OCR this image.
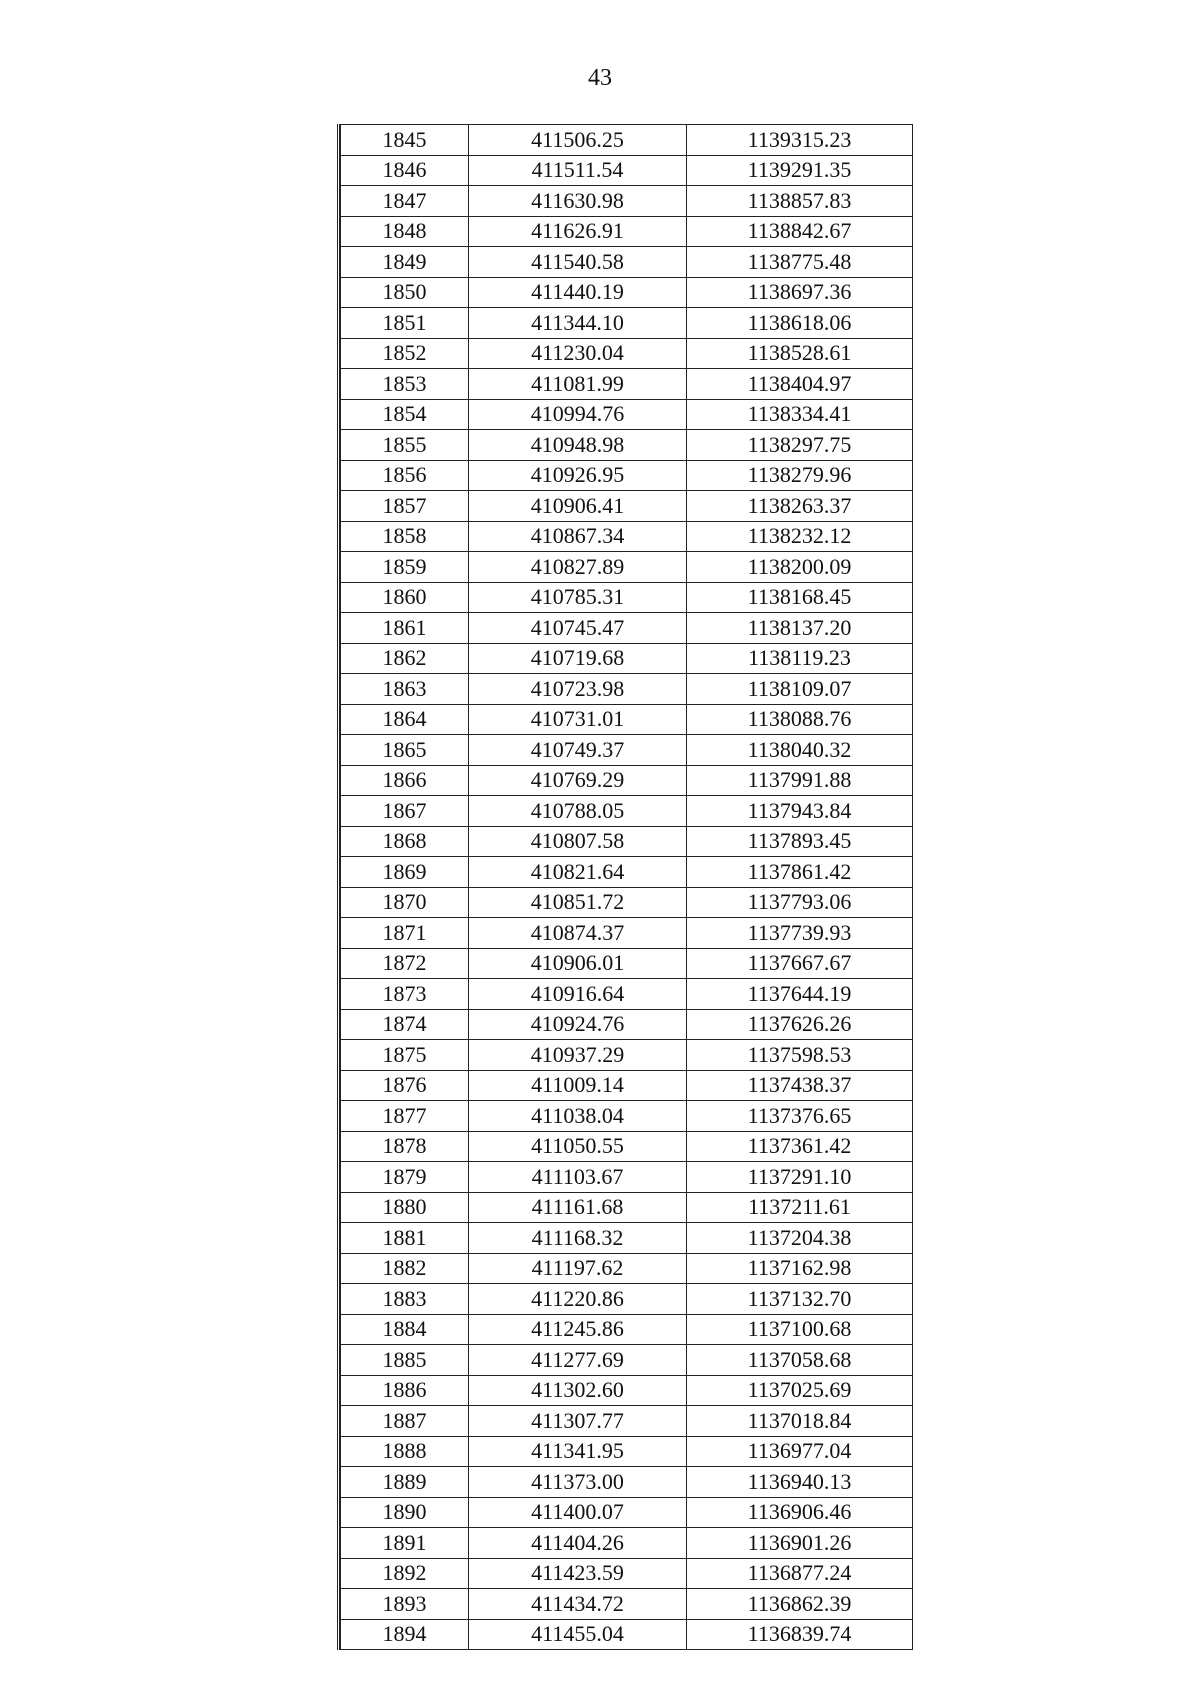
43
1845	411506.25	1139315.23
1846	411511.54	1139291.35
1847	411630.98	1138857.83
1848	411626.91	1138842.67
1849	411540.58	1138775.48
1850	411440.19	1138697.36
1851	411344.10	1138618.06
1852	411230.04	1138528.61
1853	411081.99	1138404.97
1854	410994.76	1138334.41
1855	410948.98	1138297.75
1856	410926.95	1138279.96
1857	410906.41	1138263.37
1858	410867.34	1138232.12
1859	410827.89	1138200.09
1860	410785.31	1138168.45
1861	410745.47	1138137.20
1862	410719.68	1138119.23
1863	410723.98	1138109.07
1864	410731.01	1138088.76
1865	410749.37	1138040.32
1866	410769.29	1137991.88
1867	410788.05	1137943.84
1868	410807.58	1137893.45
1869	410821.64	1137861.42
1870	410851.72	1137793.06
1871	410874.37	1137739.93
1872	410906.01	1137667.67
1873	410916.64	1137644.19
1874	410924.76	1137626.26
1875	410937.29	1137598.53
1876	411009.14	1137438.37
1877	411038.04	1137376.65
1878	411050.55	1137361.42
1879	411103.67	1137291.10
1880	411161.68	1137211.61
1881	411168.32	1137204.38
1882	411197.62	1137162.98
1883	411220.86	1137132.70
1884	411245.86	1137100.68
1885	411277.69	1137058.68
1886	411302.60	1137025.69
1887	411307.77	1137018.84
1888	411341.95	1136977.04
1889	411373.00	1136940.13
1890	411400.07	1136906.46
1891	411404.26	1136901.26
1892	411423.59	1136877.24
1893	411434.72	1136862.39
1894	411455.04	1136839.74
